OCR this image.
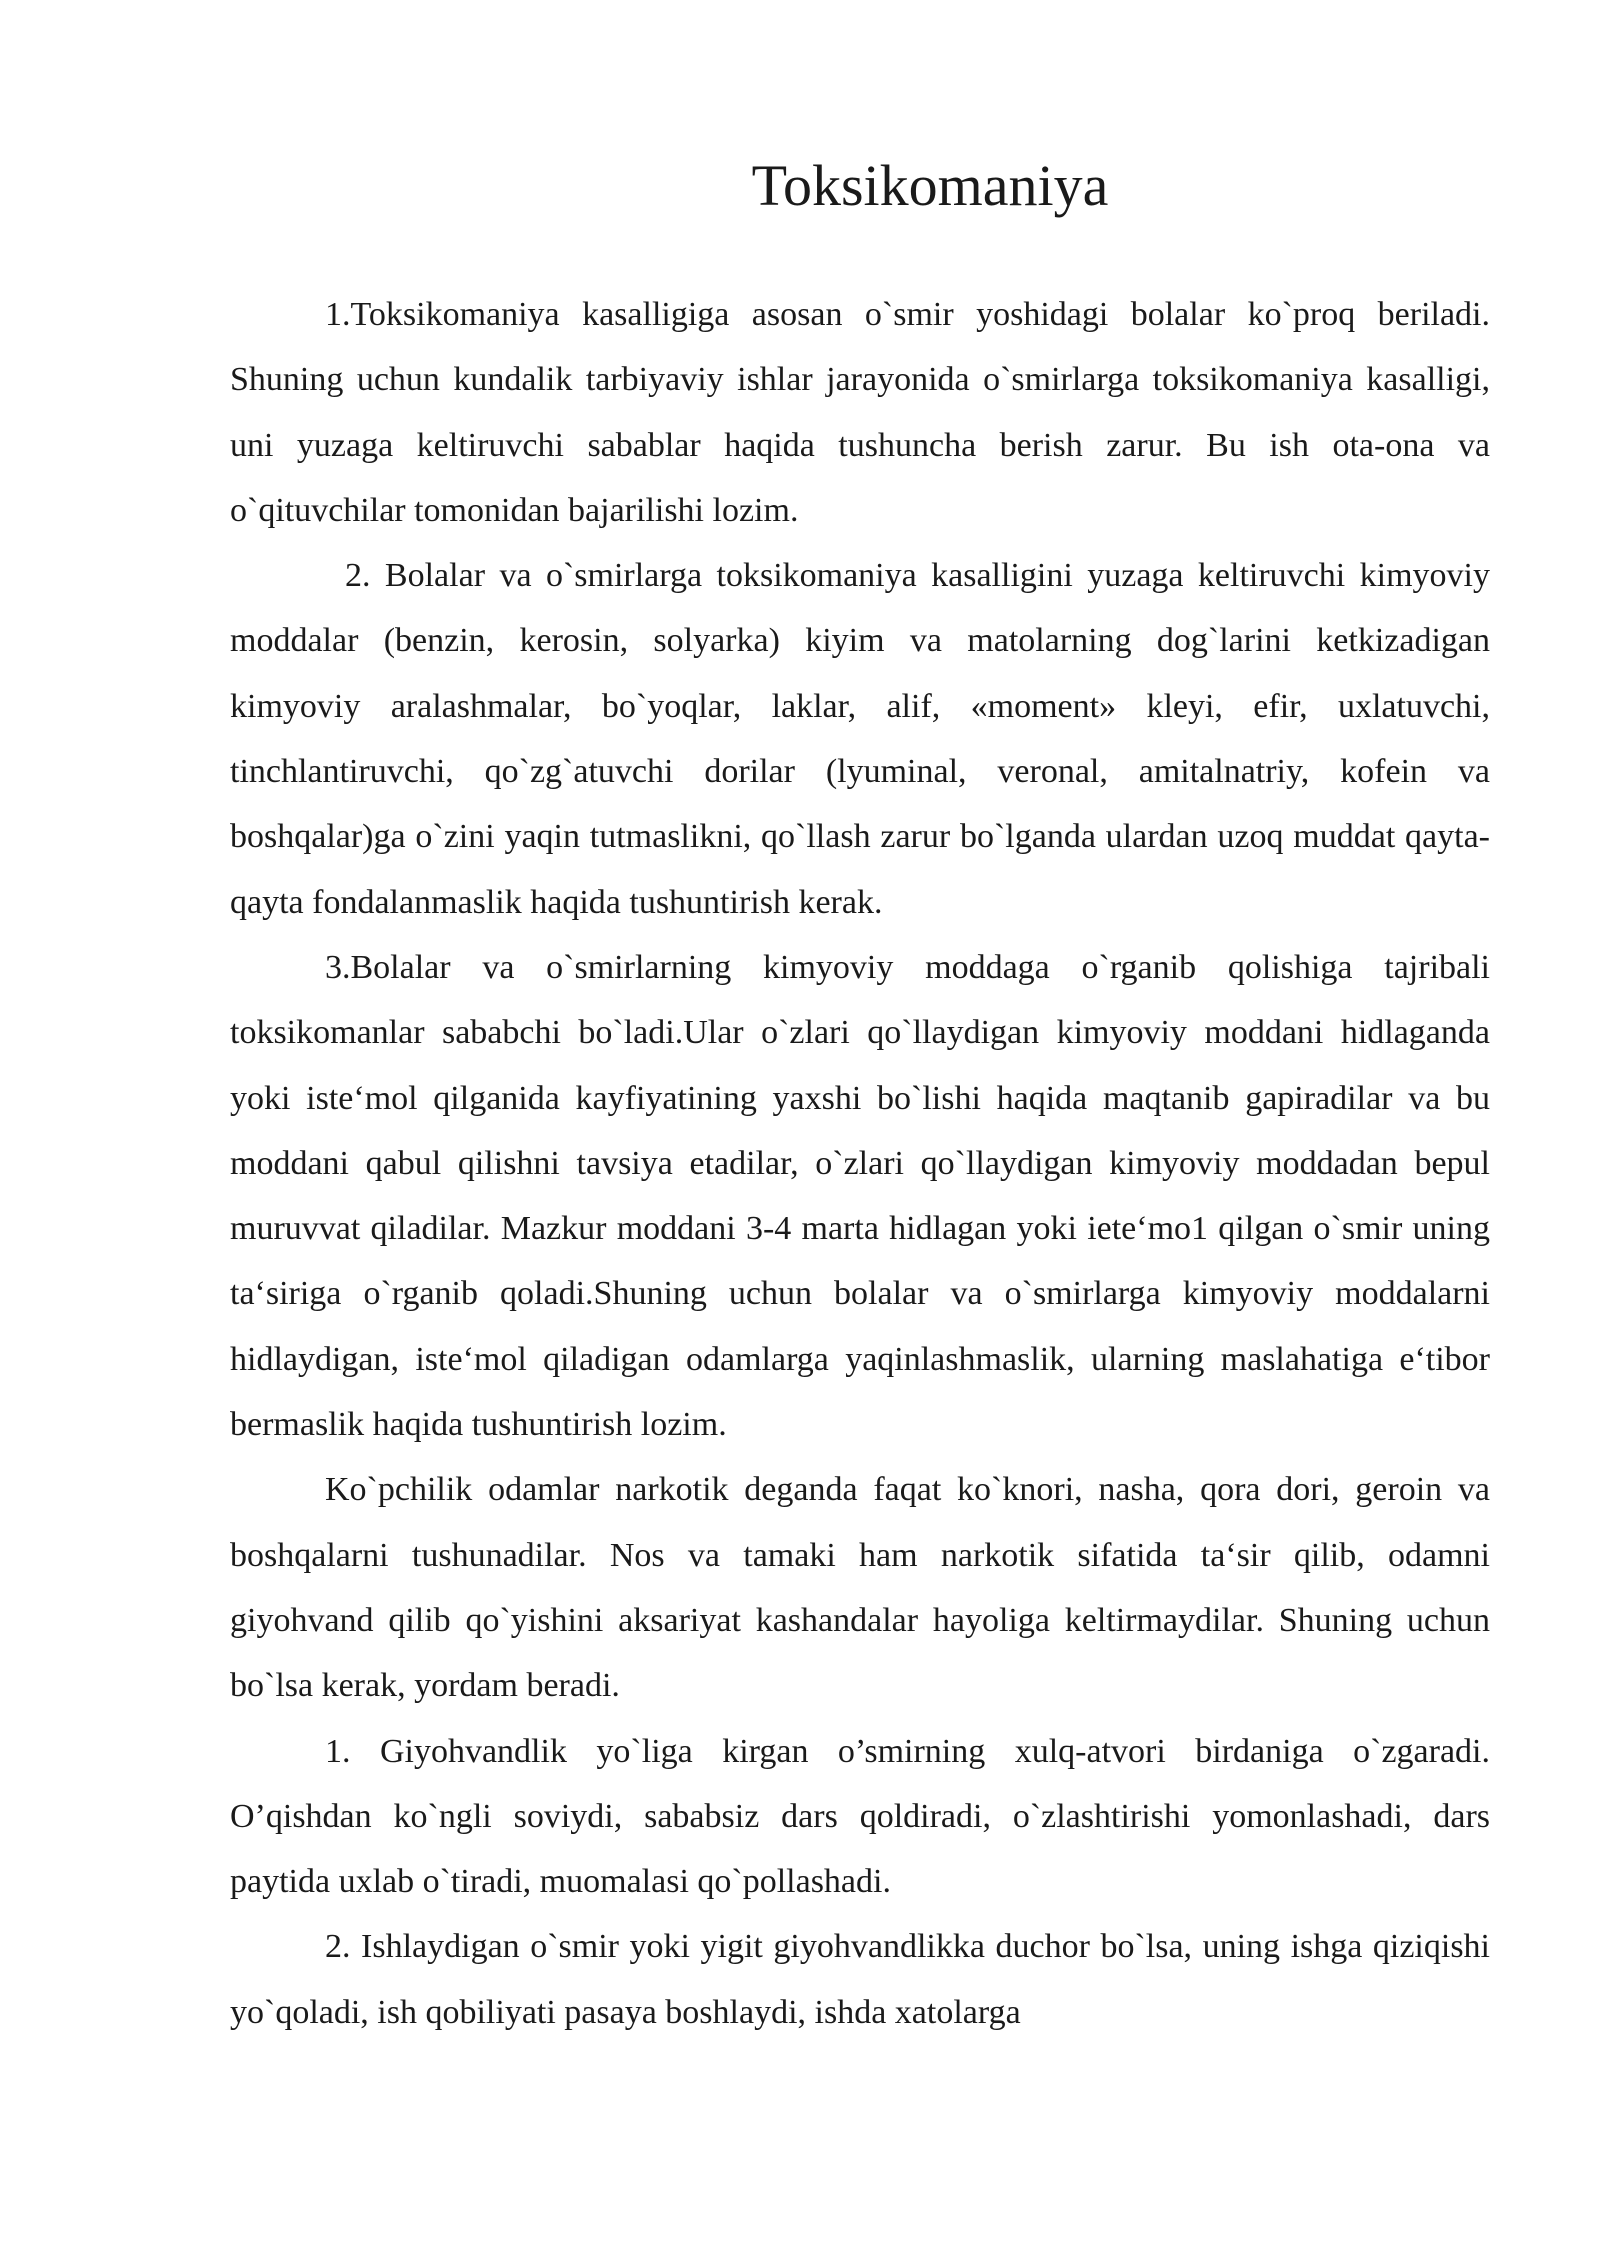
Toksikomaniya

1.Toksikomaniya kasalligiga asosan o`smir yoshidagi bolalar ko`proq beriladi. Shuning uchun kundalik tarbiyaviy ishlar jarayonida o`smirlarga toksikomaniya kasalligi, uni yuzaga keltiruvchi sabablar haqida tushuncha berish zarur. Bu ish ota-ona va o`qituvchilar tomonidan bajarilishi lozim.

2. Bolalar va o`smirlarga toksikomaniya kasalligini yuzaga keltiruvchi kimyoviy moddalar (benzin, kerosin, solyarka) kiyim va matolarning dog`larini ketkizadigan kimyoviy aralashmalar, bo`yoqlar, laklar, alif, «moment» kleyi, efir, uxlatuvchi, tinchlantiruvchi, qo`zg`atuvchi dorilar (lyuminal, veronal, amitalnatriy, kofein va boshqalar)ga o`zini yaqin tutmaslikni, qo`llash zarur bo`lganda ulardan uzoq muddat qayta-qayta fondalanmaslik haqida tushuntirish kerak.

3.Bolalar va o`smirlarning kimyoviy moddaga o`rganib qolishiga tajribali toksikomanlar sababchi bo`ladi.Ular o`zlari qo`llaydigan kimyoviy moddani hidlaganda yoki iste‘mol qilganida kayfiyatining yaxshi bo`lishi haqida maqtanib gapiradilar va bu moddani qabul qilishni tavsiya etadilar, o`zlari qo`llaydigan kimyoviy moddadan bepul muruvvat qiladilar. Mazkur moddani 3-4 marta hidlagan yoki iete‘mo1 qilgan o`smir uning ta‘siriga o`rganib qoladi.Shuning uchun bolalar va o`smirlarga kimyoviy moddalarni hidlaydigan, iste‘mol qiladigan odamlarga yaqinlashmaslik, ularning maslahatiga e‘tibor bermaslik haqida tushuntirish lozim.

Ko`pchilik odamlar narkotik deganda faqat ko`knori, nasha, qora dori, geroin va boshqalarni tushunadilar. Nos va tamaki ham narkotik sifatida ta‘sir qilib, odamni giyohvand qilib qo`yishini aksariyat kashandalar hayoliga keltirmaydilar. Shuning uchun bo`lsa kerak, yordam beradi.

1. Giyohvandlik yo`liga kirgan o’smirning xulq-atvori birdaniga o`zgaradi. O’qishdan ko`ngli soviydi, sababsiz dars qoldiradi, o`zlashtirishi yomonlashadi, dars paytida uxlab o`tiradi, muomalasi qo`pollashadi.

2. Ishlaydigan o`smir yoki yigit giyohvandlikka duchor bo`lsa, uning ishga qiziqishi yo`qoladi, ish qobiliyati pasaya boshlaydi, ishda xatolarga
